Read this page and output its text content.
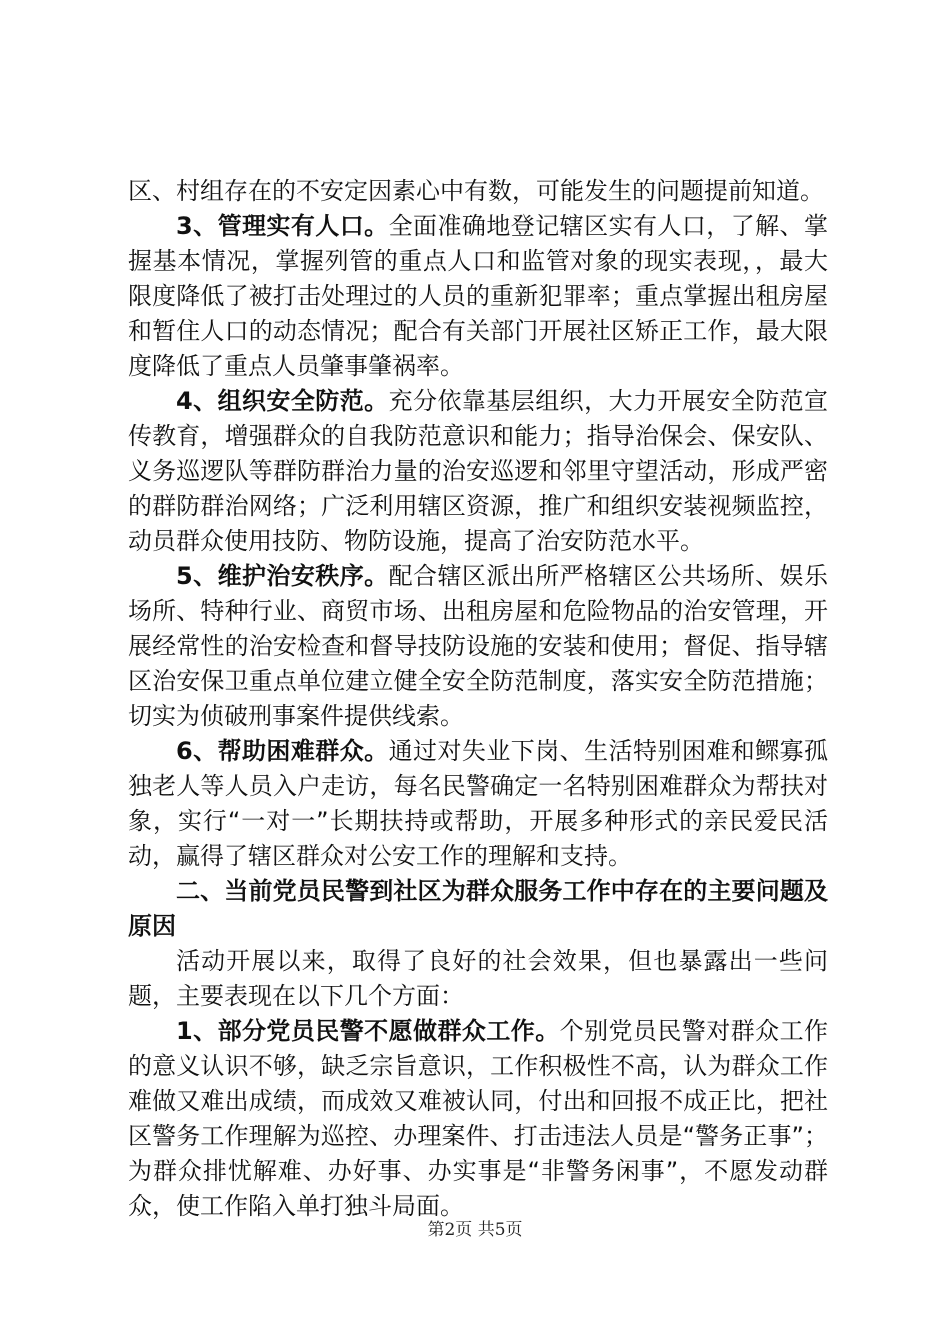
区、村组存在的不安定因素心中有数，可能发生的问题提前知道。

3、管理实有人口。全面准确地登记辖区实有人口，了解、掌握基本情况，掌握列管的重点人口和监管对象的现实表现，，最大限度降低了被打击处理过的人员的重新犯罪率；重点掌握出租房屋和暂住人口的动态情况；配合有关部门开展社区矫正工作，最大限度降低了重点人员肇事肇祸率。

4、组织安全防范。充分依靠基层组织，大力开展安全防范宣传教育，增强群众的自我防范意识和能力；指导治保会、保安队、义务巡逻队等群防群治力量的治安巡逻和邻里守望活动，形成严密的群防群治网络；广泛利用辖区资源，推广和组织安装视频监控，动员群众使用技防、物防设施，提高了治安防范水平。

5、维护治安秩序。配合辖区派出所严格辖区公共场所、娱乐场所、特种行业、商贸市场、出租房屋和危险物品的治安管理，开展经常性的治安检查和督导技防设施的安装和使用；督促、指导辖区治安保卫重点单位建立健全安全防范制度，落实安全防范措施；切实为侦破刑事案件提供线索。

6、帮助困难群众。通过对失业下岗、生活特别困难和鳏寡孤独老人等人员入户走访，每名民警确定一名特别困难群众为帮扶对象，实行“一对一”长期扶持或帮助，开展多种形式的亲民爱民活动，赢得了辖区群众对公安工作的理解和支持。

二、当前党员民警到社区为群众服务工作中存在的主要问题及原因

活动开展以来，取得了良好的社会效果，但也暴露出一些问题，主要表现在以下几个方面：

1、部分党员民警不愿做群众工作。个别党员民警对群众工作的意义认识不够，缺乏宗旨意识，工作积极性不高，认为群众工作难做又难出成绩，而成效又难被认同，付出和回报不成正比，把社区警务工作理解为巡控、办理案件、打击违法人员是“警务正事”；为群众排忧解难、办好事、办实事是“非警务闲事”，不愿发动群众，使工作陷入单打独斗局面。

第2页 共5页
